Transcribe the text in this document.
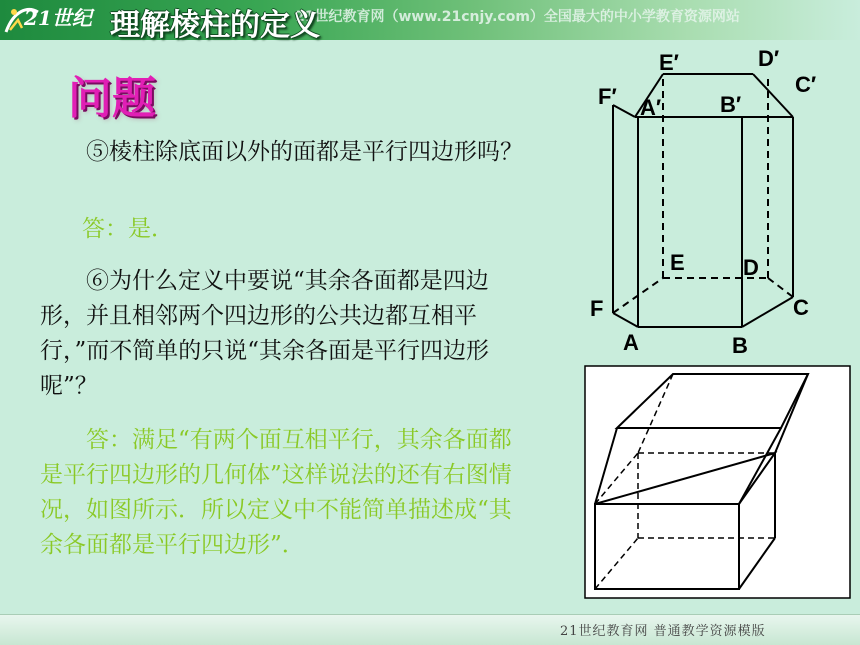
21世纪	21世纪教育网（www.21cnjy.com）全国最大的中小学教育资源网站
理解棱柱的定义
问题

⑤棱柱除底面以外的面都是平行四边形吗？

答：是．

⑥为什么定义中要说“其余各面都是四边形，并且相邻两个四边形的公共边都互相平行，”而不简单的只说“其余各面是平行四边形呢”？

答：满足“有两个面互相平行，其余各面都是平行四边形的几何体”这样说法的还有右图情况，如图所示．所以定义中不能简单描述成“其余各面都是平行四边形”．

E′	D′
C′
F′ A′	B′
E	D
F	C
A	B
21世纪教育网 普通教学资源模版
